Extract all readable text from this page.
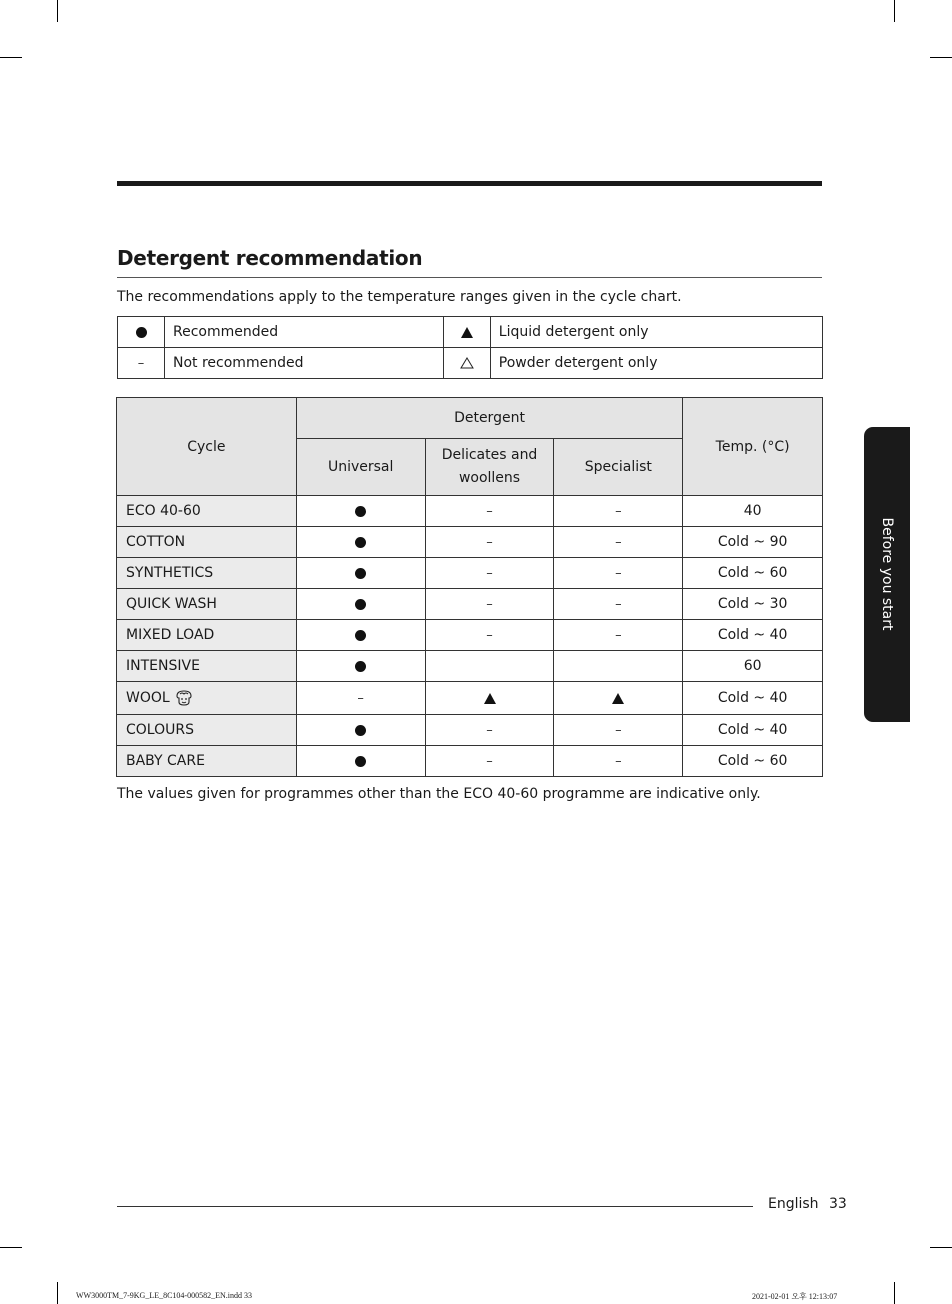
Detergent recommendation
The recommendations apply to the temperature ranges given in the cycle chart.
	Recommended		Liquid detergent only
–	Not recommended		Powder detergent only
Cycle	Detergent			Temp. (°C)
	Universal	Delicates and woollens	Specialist	
ECO 40-60		–	–	40
COTTON		–	–	Cold ~ 90
SYNTHETICS		–	–	Cold ~ 60
QUICK WASH		–	–	Cold ~ 30
MIXED LOAD		–	–	Cold ~ 40
INTENSIVE				60
WOOL	–			Cold ~ 40
COLOURS		–	–	Cold ~ 40
BABY CARE		–	–	Cold ~ 60
The values given for programmes other than the ECO 40-60 programme are indicative only.
Before you start
English 33
WW3000TM_7-9KG_LE_8C104-000582_EN.indd 33	2021-02-01 오후 12:13:07
